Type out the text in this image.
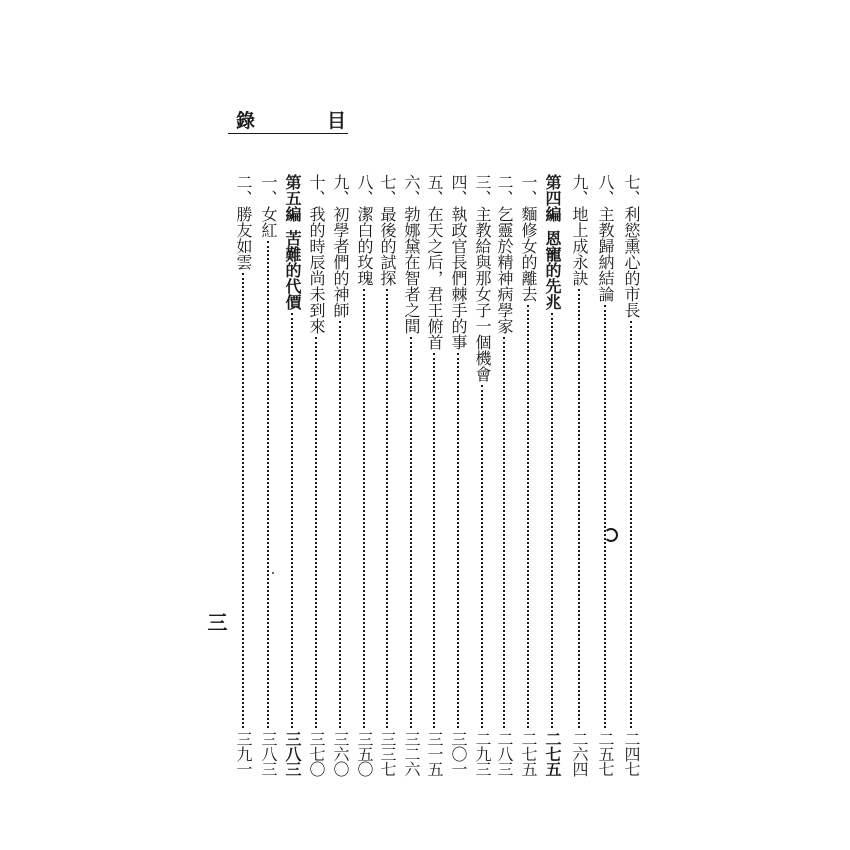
目
錄
三
七、
利慾熏心的市長
二四七
八、
主教歸納結論
二五七
九、
地上成永訣
二六四
第四編
恩寵的先兆
二七五
一、
麵修女的離去
二七五
二、
乞靈於精神病學家
二八三
三、
主教給與那女子一個機會
二九三
四、
執政官長們棘手的事
三〇一
五、
在天之后，君王俯首
三一五
六、
勃娜黛在智者之間
三二六
七、
最後的試探
三三七
八、
潔白的玫瑰
三五〇
九、
初學者們的神師
三六〇
十、
我的時辰尚未到來
三七〇
第五編
苦難的代價
三八三
一、
女紅
三八三
二、
勝友如雲
三九一
